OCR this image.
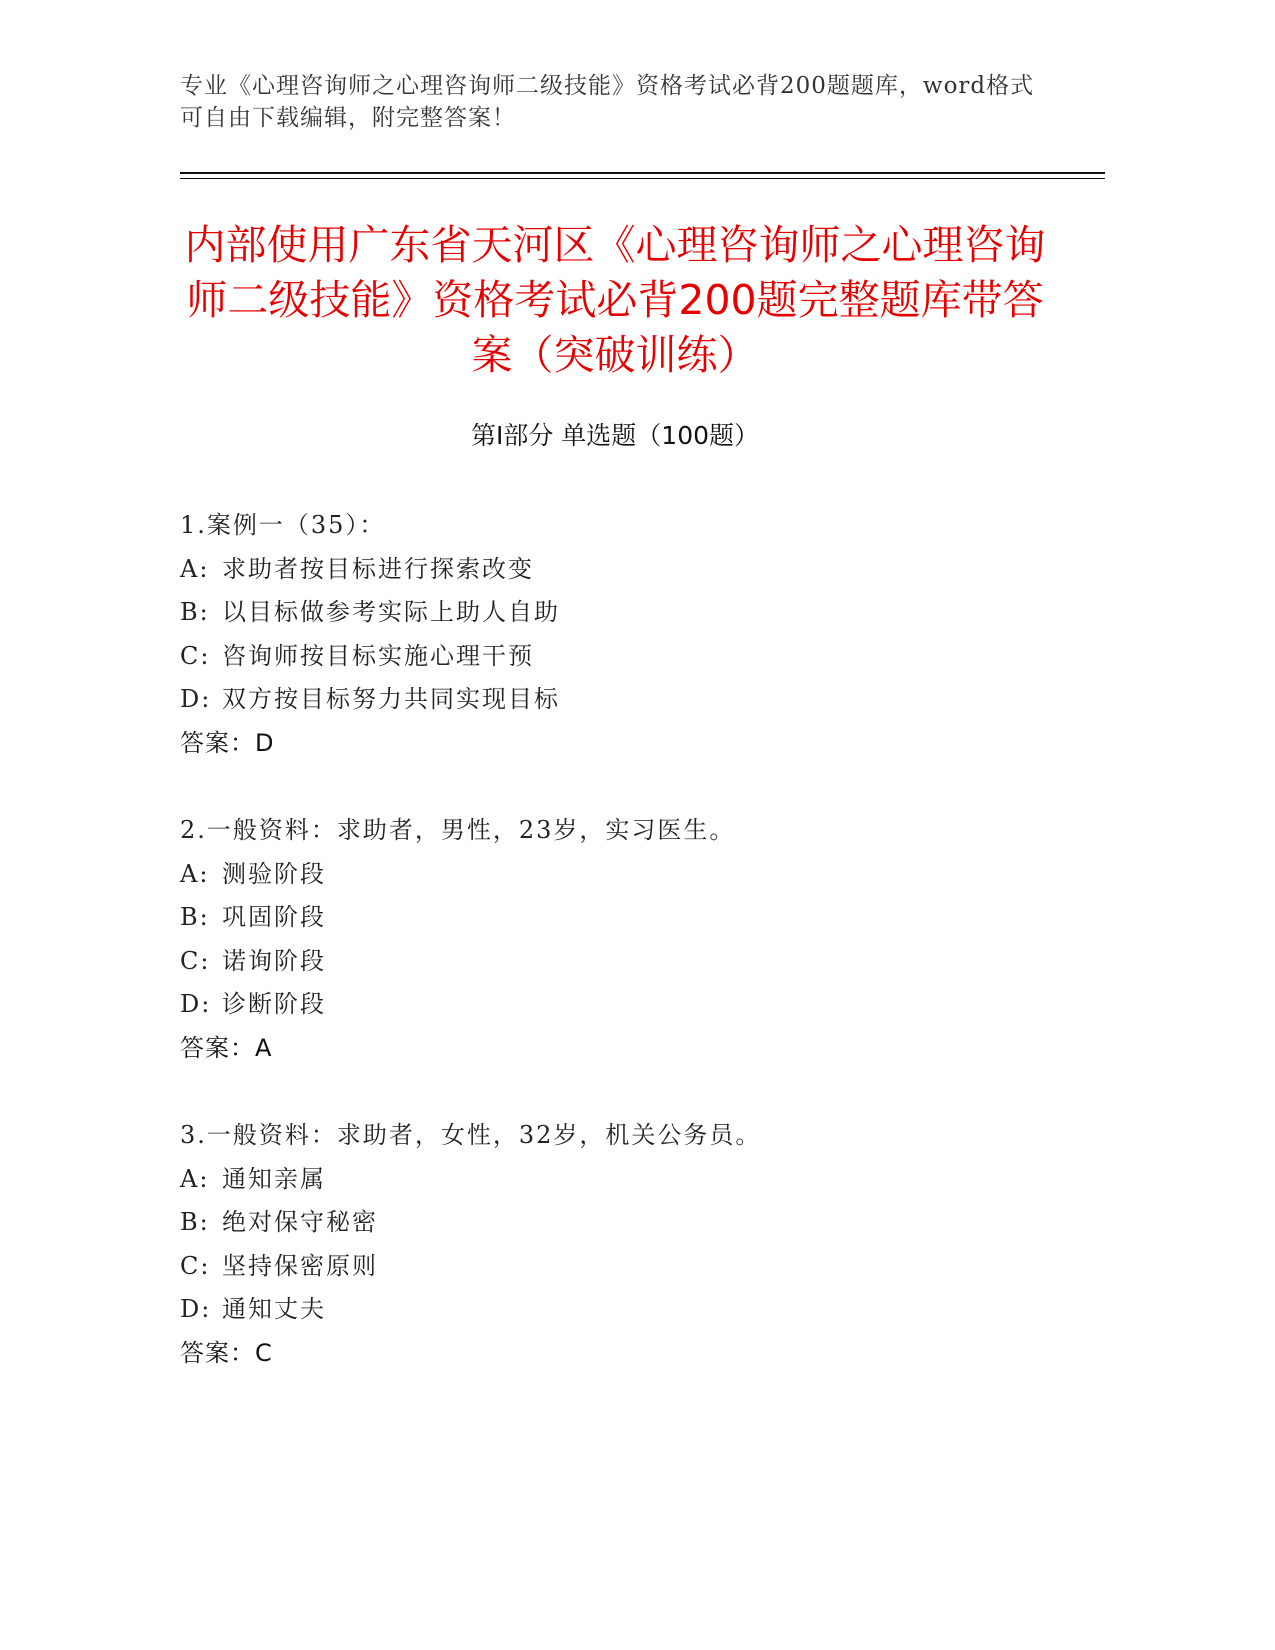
专业《心理咨询师之心理咨询师二级技能》资格考试必背200题题库，word格式可自由下载编辑，附完整答案！
内部使用广东省天河区《心理咨询师之心理咨询师二级技能》资格考试必背200题完整题库带答案（突破训练）
第Ⅰ部分 单选题（100题）
1.案例一（35）：
A: 求助者按目标进行探索改变
B: 以目标做参考实际上助人自助
C: 咨询师按目标实施心理干预
D: 双方按目标努力共同实现目标
答案：D
2.一般资料：求助者，男性，23岁，实习医生。
A: 测验阶段
B: 巩固阶段
C: 诺询阶段
D: 诊断阶段
答案：A
3.一般资料：求助者，女性，32岁，机关公务员。
A: 通知亲属
B: 绝对保守秘密
C: 坚持保密原则
D: 通知丈夫
答案：C
